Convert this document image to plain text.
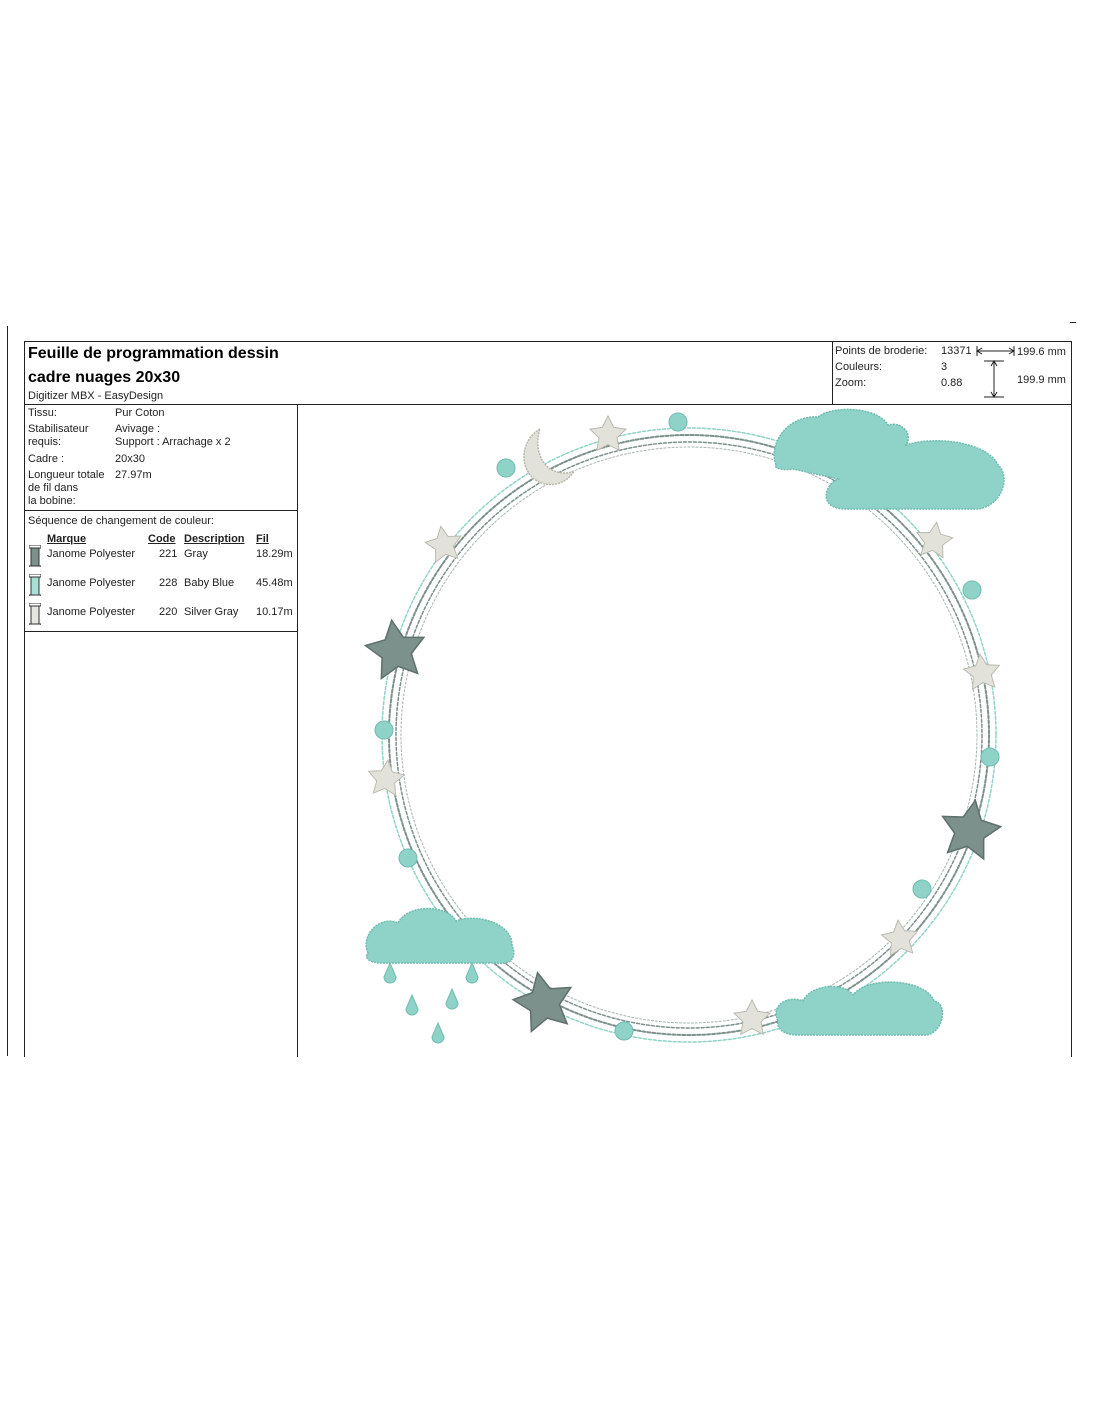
Feuille de programmation dessin
cadre nuages 20x30
Digitizer MBX - EasyDesign
Points de broderie: 13371
Couleurs:	3
Zoom:	0.88
199.6 mm
199.9 mm
Tissu:	Pur Coton
Stabilisateur
requis:
Avivage :
Support : Arrachage x 2
Cadre :	20x30
Longueur totale
de fil dans
la bobine:
27.97m
Séquence de changement de couleur:
Marque	Code Description Fil
Janome Polyester 221 Gray	18.29m
Janome Polyester 228 Baby Blue 45.48m
Janome Polyester 220 Silver Gray 10.17m
